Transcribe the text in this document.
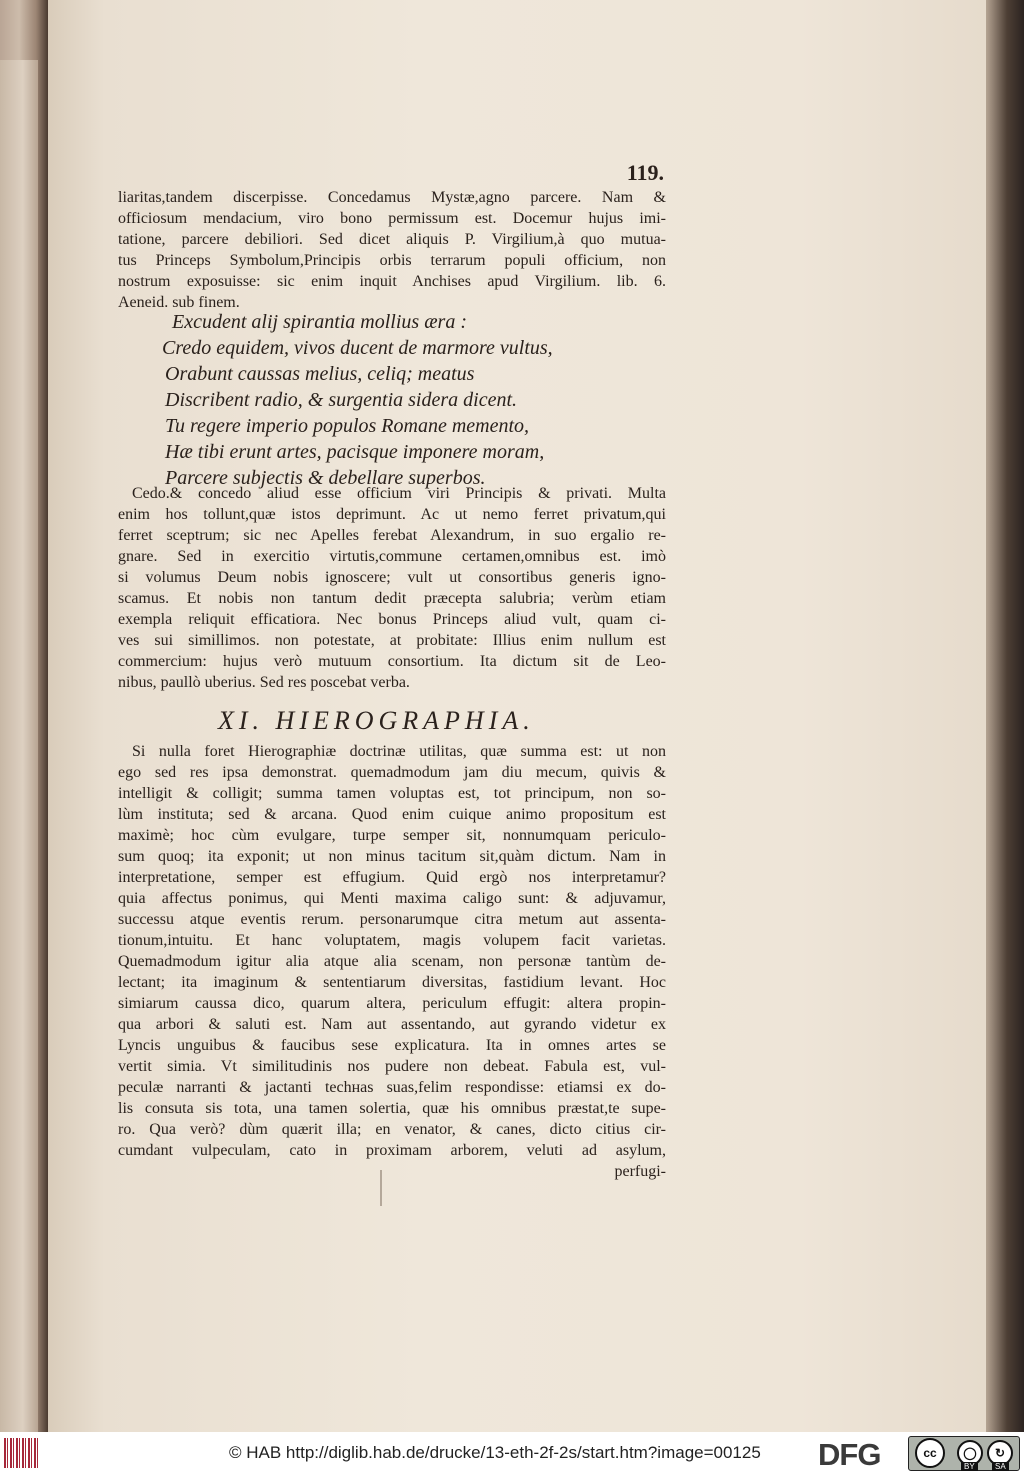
119.
liaritas,tandem discerpisse. Concedamus Mystæ,agno parcere. Nam &
officiosum mendacium, viro bono permissum est. Docemur hujus imi-
tatione, parcere debiliori. Sed dicet aliquis P. Virgilium,à quo mutua-
tus Princeps Symbolum,Principis orbis terrarum populi officium, non
nostrum exposuisse: sic enim inquit Anchises apud Virgilium. lib. 6.
Aeneid. sub finem.
Excudent alij spirantia mollius æra :
Credo equidem, vivos ducent de marmore vultus,
Orabunt caussas melius, celiq; meatus
Discribent radio, & surgentia sidera dicent.
Tu regere imperio populos Romane memento,
Hæ tibi erunt artes, pacisque imponere moram,
Parcere subjectis & debellare superbos.
Cedo.& concedo aliud esse officium viri Principis & privati. Multa
enim hos tollunt,quæ istos deprimunt. Ac ut nemo ferret privatum,qui
ferret sceptrum; sic nec Apelles ferebat Alexandrum, in suo ergalio re-
gnare. Sed in exercitio virtutis,commune certamen,omnibus est. imò
si volumus Deum nobis ignoscere; vult ut consortibus generis igno-
scamus. Et nobis non tantum dedit præcepta salubria; verùm etiam
exempla reliquit efficatiora. Nec bonus Princeps aliud vult, quam ci-
ves sui simillimos. non potestate, at probitate: Illius enim nullum est
commercium: hujus verò mutuum consortium. Ita dictum sit de Leo-
nibus, paullò uberius. Sed res poscebat verba.
XI. HIEROGRAPHIA.
Si nulla foret Hierographiæ doctrinæ utilitas, quæ summa est: ut non
ego sed res ipsa demonstrat. quemadmodum jam diu mecum, quivis &
intelligit & colligit; summa tamen voluptas est, tot principum, non so-
lùm instituta; sed & arcana. Quod enim cuique animo propositum est
maximè; hoc cùm evulgare, turpe semper sit, nonnumquam periculo-
sum quoq; ita exponit; ut non minus tacitum sit,quàm dictum. Nam in
interpretatione, semper est effugium. Quid ergò nos interpretamur?
quia affectus ponimus, qui Menti maxima caligo sunt: & adjuvamur,
successu atque eventis rerum. personarumque citra metum aut assenta-
tionum,intuitu. Et hanc voluptatem, magis volupem facit varietas.
Quemadmodum igitur alia atque alia scenam, non personæ tantùm de-
lectant; ita imaginum & sententiarum diversitas, fastidium levant. Hoc
simiarum caussa dico, quarum altera, periculum effugit: altera propin-
qua arbori & saluti est. Nam aut assentando, aut gyrando videtur ex
Lyncis unguibus & faucibus sese explicatura. Ita in omnes artes se
vertit simia. Vt similitudinis nos pudere non debeat. Fabula est, vul-
peculæ narranti & jactanti techнas suas,felim respondisse: etiamsi ex do-
lis consuta sis tota, una tamen solertia, quæ his omnibus præstat,te supe-
ro. Qua verò? dùm quærit illa; en venator, & canes, dicto citius cir-
cumdant vulpeculam, cato in proximam arborem, veluti ad asylum,
perfugi-
© HAB http://diglib.hab.de/drucke/13-eth-2f-2s/start.htm?image=00125 DFG	cc	◯	↻
BY	SA
